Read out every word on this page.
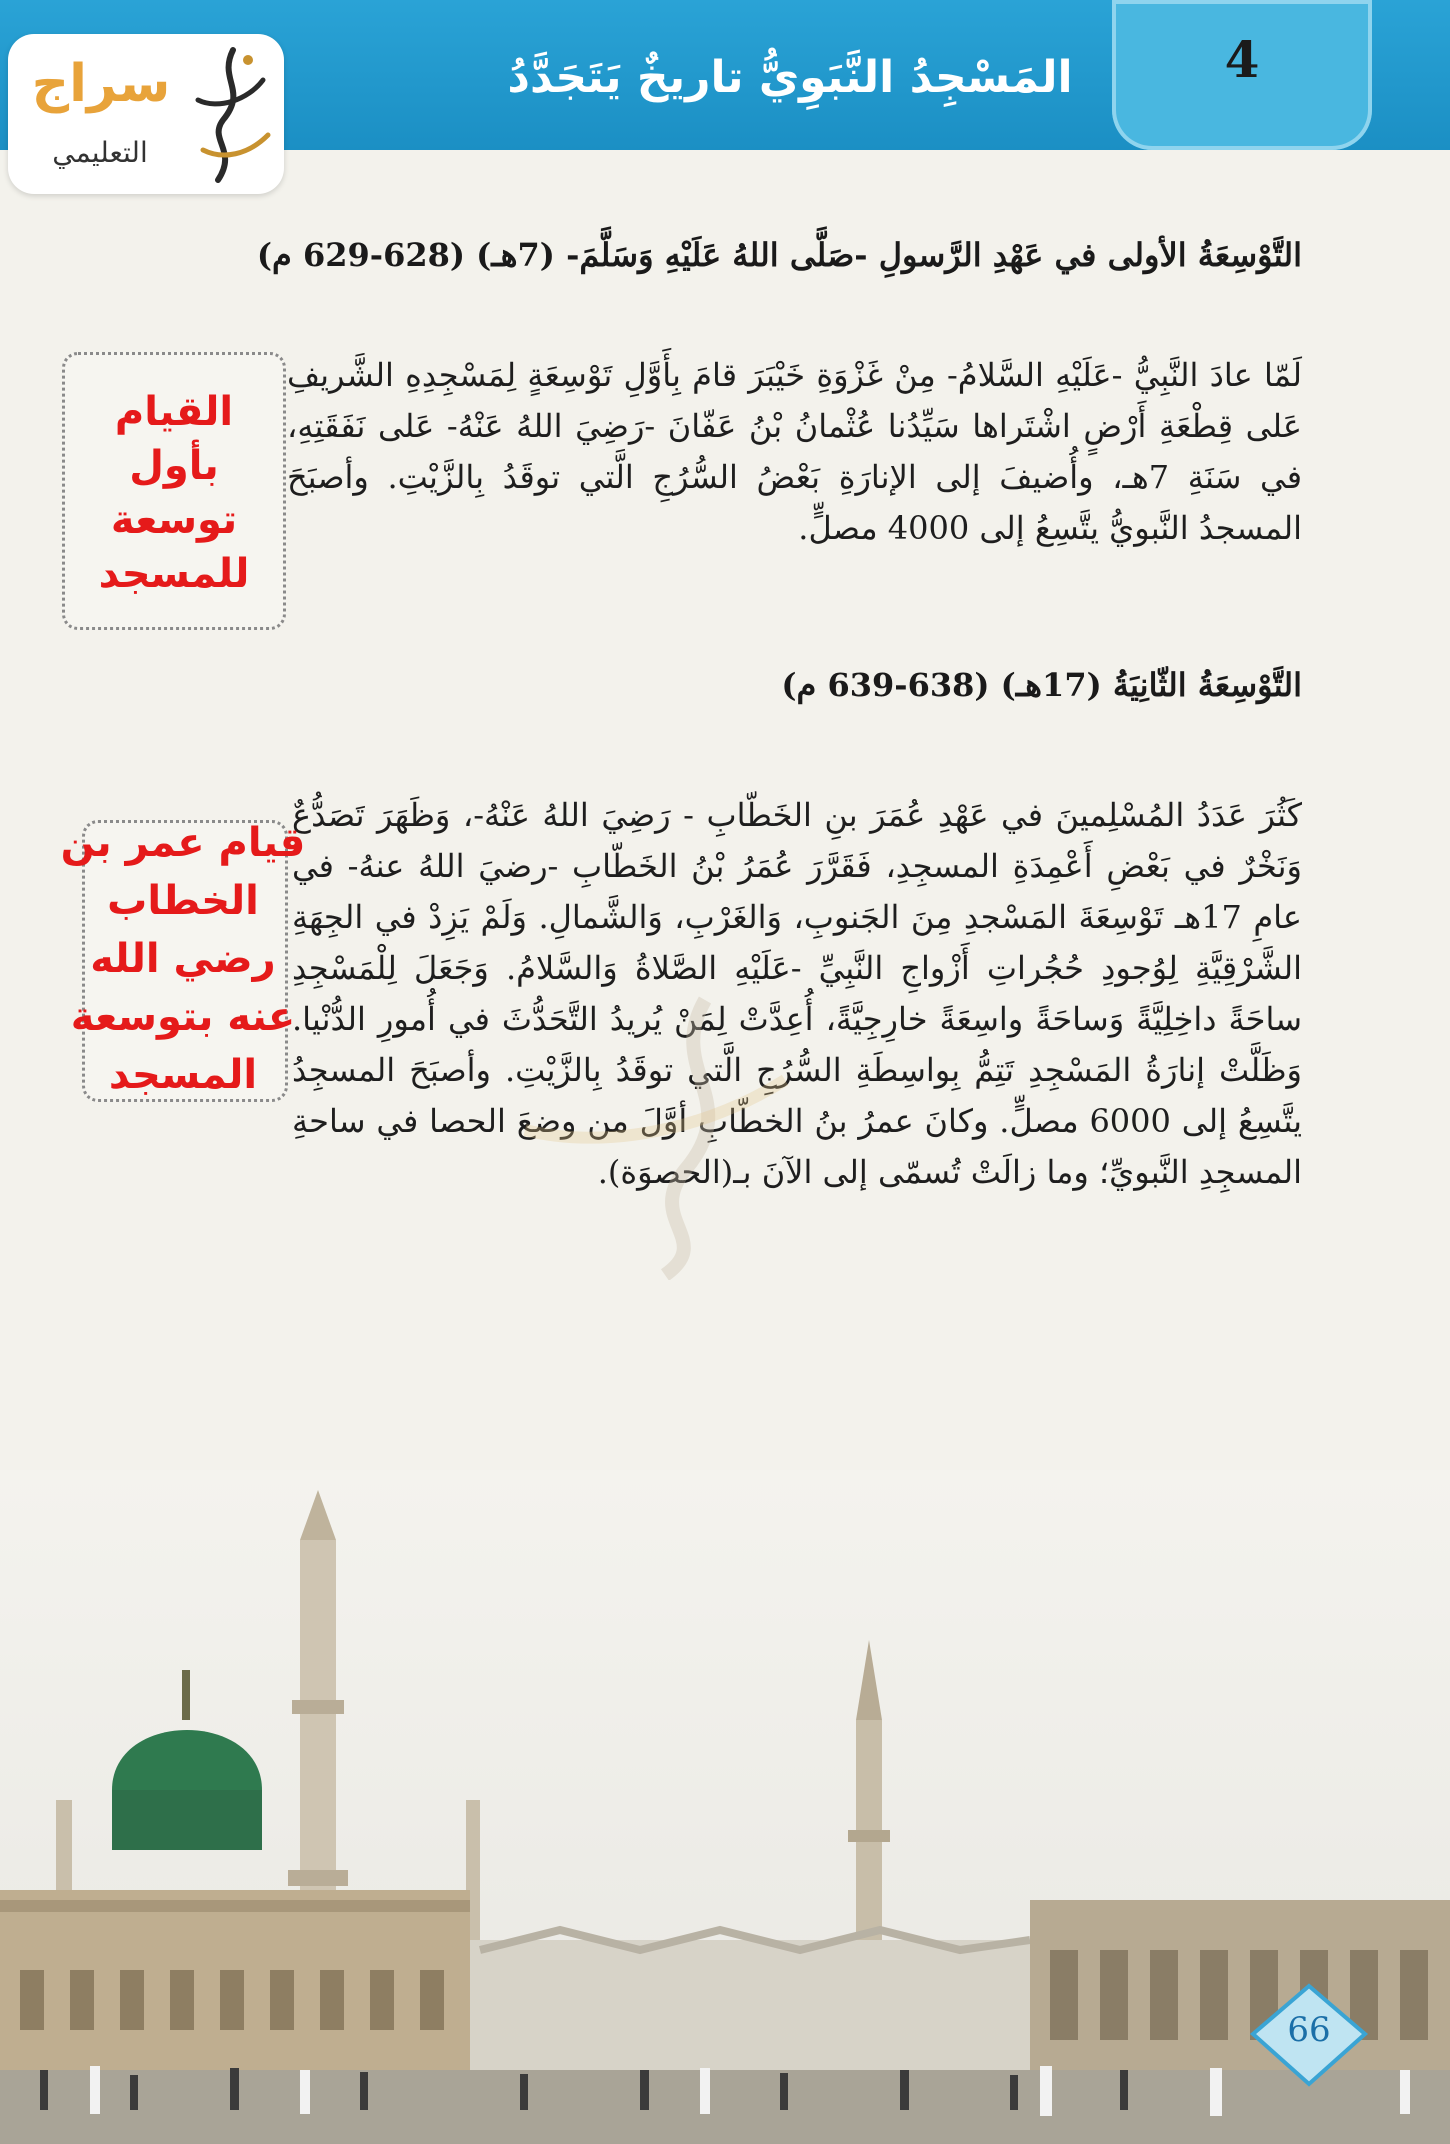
المَسْجِدُ النَّبَوِيُّ تاريخٌ يَتَجَدَّدُ	4
سراج
التعليمي
التَّوْسِعَةُ الأولى في عَهْدِ الرَّسولِ -صَلَّى اللهُ عَلَيْهِ وَسَلَّمَ- (7هـ) (628-629 م)
لَمّا عادَ النَّبِيُّ -عَلَيْهِ السَّلامُ- مِنْ غَزْوَةِ خَيْبَرَ قامَ بِأَوَّلِ تَوْسِعَةٍ لِمَسْجِدِهِ الشَّريفِ عَلى قِطْعَةِ أَرْضٍ اشْتَراها سَيِّدُنا عُثْمانُ بْنُ عَفّانَ -رَضِيَ اللهُ عَنْهُ- عَلى نَفَقَتِهِ، في سَنَةِ 7هـ، وأُضيفَ إلى الإنارَةِ بَعْضُ السُّرُجِ الَّتي توقَدُ بِالزَّيْتِ. وأصبَحَ المسجدُ النَّبويُّ يتَّسِعُ إلى 4000 مصلٍّ.
القيام بأول توسعة للمسجد
التَّوْسِعَةُ الثّانِيَةُ (17هـ) (638-639 م)
كَثُرَ عَدَدُ المُسْلِمينَ في عَهْدِ عُمَرَ بنِ الخَطّابِ - رَضِيَ اللهُ عَنْهُ-، وَظَهَرَ تَصَدُّعٌ وَنَخْرٌ في بَعْضِ أَعْمِدَةِ المسجِدِ، فَقَرَّرَ عُمَرُ بْنُ الخَطّابِ -رضيَ اللهُ عنهُ- في عامِ 17هـ تَوْسِعَةَ المَسْجدِ مِنَ الجَنوبِ، وَالغَرْبِ، وَالشَّمالِ. وَلَمْ يَزِدْ في الجِهَةِ الشَّرْقِيَّةِ لِوُجودِ حُجُراتِ أَزْواجِ النَّبِيِّ -عَلَيْهِ الصَّلاةُ وَالسَّلامُ. وَجَعَلَ لِلْمَسْجِدِ ساحَةً داخِلِيَّةً وَساحَةً واسِعَةً خارِجِيَّةً، أُعِدَّتْ لِمَنْ يُريدُ التَّحَدُّثَ في أُمورِ الدُّنْيا. وَظَلَّتْ إنارَةُ المَسْجِدِ تَتِمُّ بِواسِطَةِ السُّرُجِ الَّتي توقَدُ بِالزَّيْتِ. وأصبَحَ المسجِدُ يتَّسِعُ إلى 6000 مصلٍّ. وكانَ عمرُ بنُ الخطّابِ أوَّلَ من وضعَ الحصا في ساحةِ المسجِدِ النَّبويِّ؛ وما زالَتْ تُسمّى إلى الآنَ بـ(الحصوَة).
قيام عمر بن الخطاب رضي الله عنه بتوسعة المسجد
66
